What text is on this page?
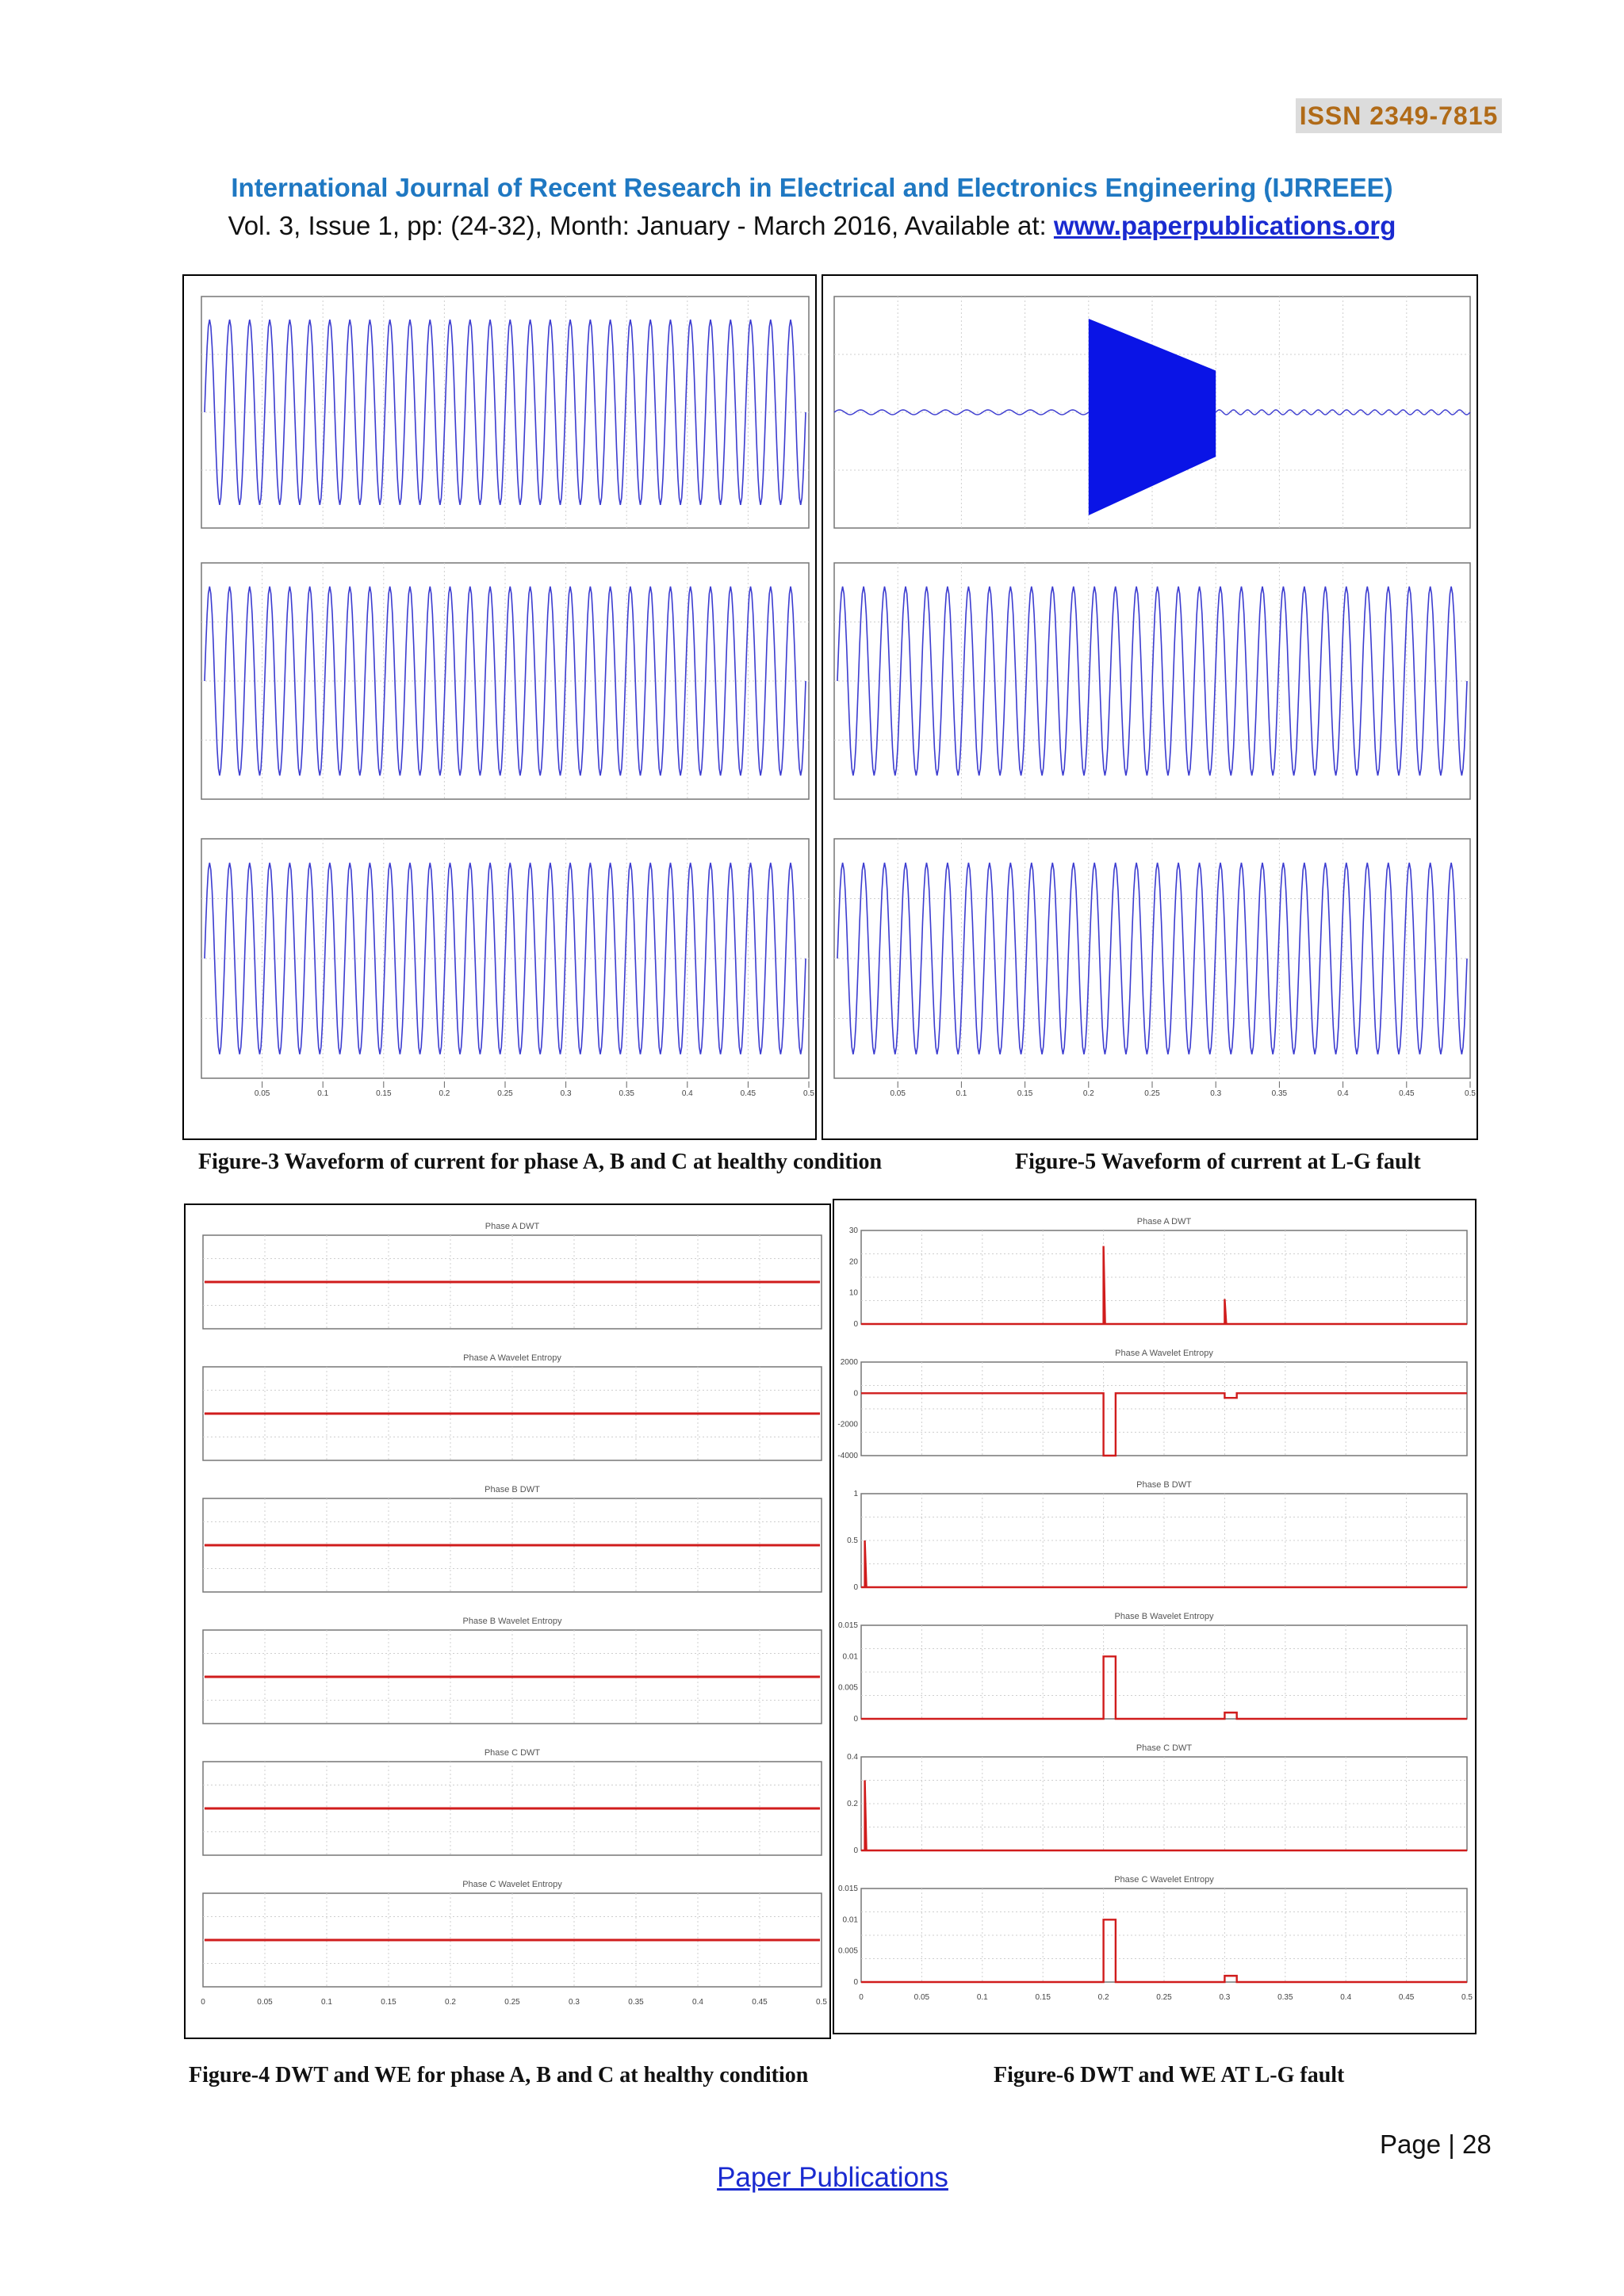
ISSN 2349-7815
International Journal of Recent Research in Electrical and Electronics Engineering (IJRREEE)
Vol. 3, Issue 1, pp: (24-32), Month: January - March 2016, Available at: www.paperpublications.org
0.05	0.1	0.15	0.2	0.25	0.3	0.35	0.4	0.45	0.5	0.05	0.1	0.15	0.2	0.25	0.3	0.35	0.4	0.45	0.5
Figure-3 Waveform of current for phase A, B and C at healthy condition	Figure-5 Waveform of current at L-G fault
Phase A DWT
Phase A Wavelet Entropy
Phase B DWT
Phase B Wavelet Entropy
Phase C DWT
Phase C Wavelet Entropy
0	0.05	0.1	0.15	0.2	0.25	0.3	0.35	0.4	0.45	0.5
Phase A DWT
30
20
10
0
Phase A Wavelet Entropy
2000
0
-2000
-4000
Phase B DWT
1
0.5
0
Phase B Wavelet Entropy
0.015
0.01
0.005
0
Phase C DWT
0.4
0.2
0
Phase C Wavelet Entropy
0.015
0.01
0.005
0
0	0.05	0.1	0.15	0.2	0.25	0.3	0.35	0.4	0.45	0.5
Figure-4 DWT and WE for phase A, B and C at healthy condition	Figure-6 DWT and WE AT L-G fault
Page | 28
Paper Publications
